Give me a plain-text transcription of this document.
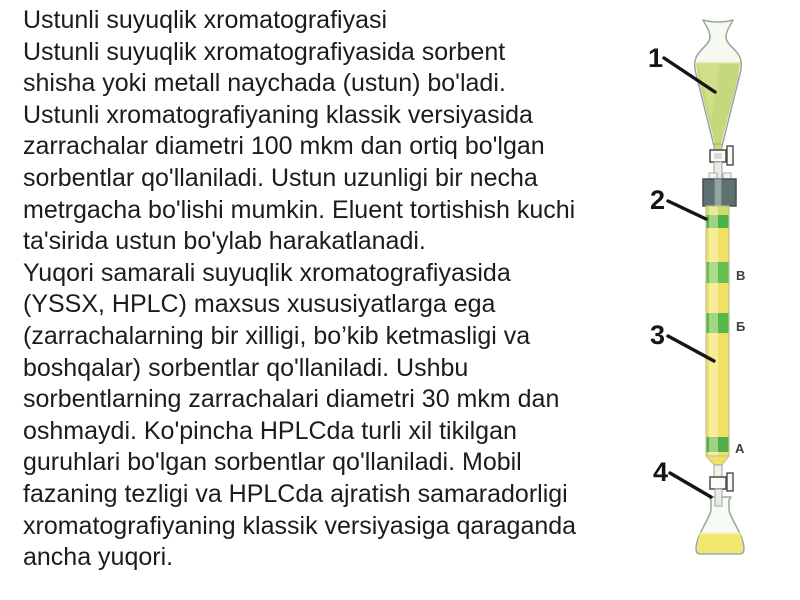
Ustunli suyuqlik xromatografiyasi
Ustunli suyuqlik xromatografiyasida sorbent
shisha yoki metall naychada (ustun) bo'ladi.
Ustunli xromatografiyaning klassik versiyasida
zarrachalar diametri 100 mkm dan ortiq bo'lgan
sorbentlar qo'llaniladi. Ustun uzunligi bir necha
metrgacha bo'lishi mumkin. Eluent tortishish kuchi
ta'sirida ustun bo'ylab harakatlanadi.
Yuqori samarali suyuqlik xromatografiyasida
(YSSX, HPLC) maxsus xususiyatlarga ega
(zarrachalarning bir xilligi, bo’kib ketmasligi va
boshqalar) sorbentlar qo'llaniladi. Ushbu
sorbentlarning zarrachalari diametri 30 mkm dan
oshmaydi. Ko'pincha HPLCda turli xil tikilgan
guruhlari bo'lgan sorbentlar qo'llaniladi. Mobil
fazaning tezligi va HPLCda ajratish samaradorligi
xromatografiyaning klassik versiyasiga qaraganda
ancha yuqori.
1
2
3
4
В
Б
А
